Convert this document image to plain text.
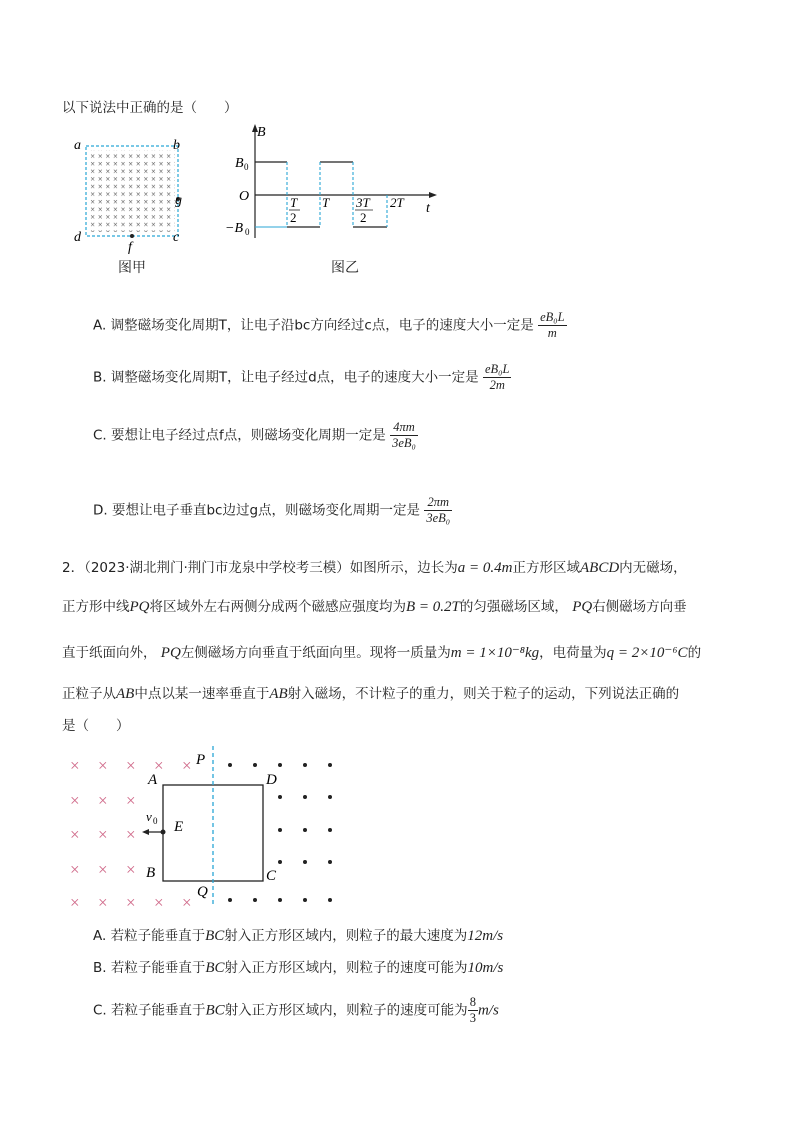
以下说法中正确的是（　　）
a	b
c
d
f
g
图甲
B
t
O
B 0
−B 0
T
2
T 3T
2
2T
图乙
A. 调整磁场变化周期T，让电子沿bc方向经过c点，电子的速度大小一定是 $\frac{\text{eB₀L}}{m}$
B. 调整磁场变化周期T，让电子经过d点，电子的速度大小一定是 $\frac{\text{eB₀L}}{2m}$
C. 要想让电子经过点f点，则磁场变化周期一定是 $\frac{4\pi m}{\text{3eB₀}}$
D. 要想让电子垂直bc边过g点，则磁场变化周期一定是 $\frac{2\pi m}{\text{3eB₀}}$
2．（2023·湖北荆门·荆门市龙泉中学校考三模）如图所示，边长为a = 0.4m正方形区域ABCD内无磁场，
正方形中线PQ将区域外左右两侧分成两个磁感应强度均为B = 0.2T的匀强磁场区域， PQ右侧磁场方向垂
直于纸面向外， PQ左侧磁场方向垂直于纸面向里。现将一质量为m = 1×10⁻⁸kg，电荷量为q = 2×10⁻⁶C的
正粒子从AB中点以某一速率垂直于AB射入磁场，不计粒子的重力，则关于粒子的运动，下列说法正确的
是（　　）
× × × × ×
× × ×
× × ×
× × ×
× × × × ×
A
P
D
E
B	C
Q
v 0
A. 若粒子能垂直于BC射入正方形区域内，则粒子的最大速度为12m/s
B. 若粒子能垂直于BC射入正方形区域内，则粒子的速度可能为10m/s
C. 若粒子能垂直于BC射入正方形区域内，则粒子的速度可能为 $\frac{8}{3} m/s$
